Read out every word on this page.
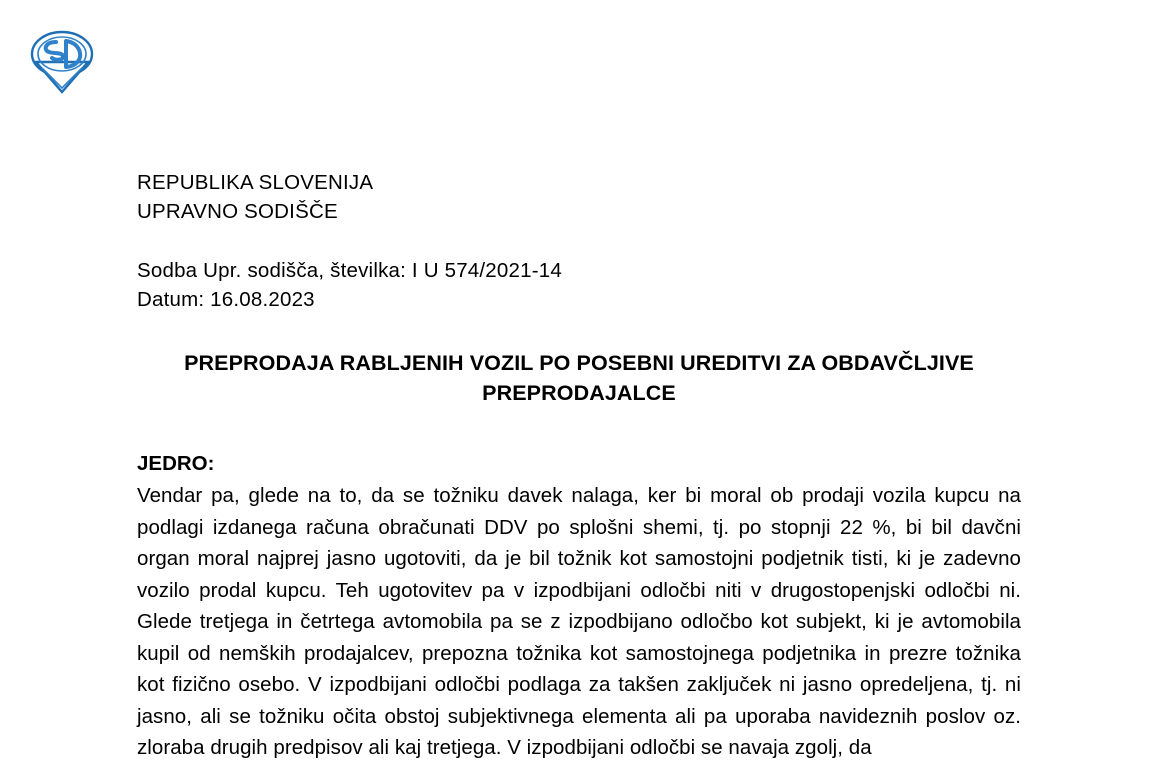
REPUBLIKA SLOVENIJA
UPRAVNO SODIŠČE
Sodba Upr. sodišča, številka: I U 574/2021-14
Datum: 16.08.2023
PREPRODAJA RABLJENIH VOZIL PO POSEBNI UREDITVI ZA OBDAVČLJIVE PREPRODAJALCE
JEDRO:
Vendar pa, glede na to, da se tožniku davek nalaga, ker bi moral ob prodaji vozila kupcu na podlagi izdanega računa obračunati DDV po splošni shemi, tj. po stopnji 22 %, bi bil davčni organ moral najprej jasno ugotoviti, da je bil tožnik kot samostojni podjetnik tisti, ki je zadevno vozilo prodal kupcu. Teh ugotovitev pa v izpodbijani odločbi niti v drugostopenjski odločbi ni. Glede tretjega in četrtega avtomobila pa se z izpodbijano odločbo kot subjekt, ki je avtomobila kupil od nemških prodajalcev, prepozna tožnika kot samostojnega podjetnika in prezre tožnika kot fizično osebo. V izpodbijani odločbi podlaga za takšen zaključek ni jasno opredeljena, tj. ni jasno, ali se tožniku očita obstoj subjektivnega elementa ali pa uporaba navideznih poslov oz. zloraba drugih predpisov ali kaj tretjega. V izpodbijani odločbi se navaja zgolj, da
